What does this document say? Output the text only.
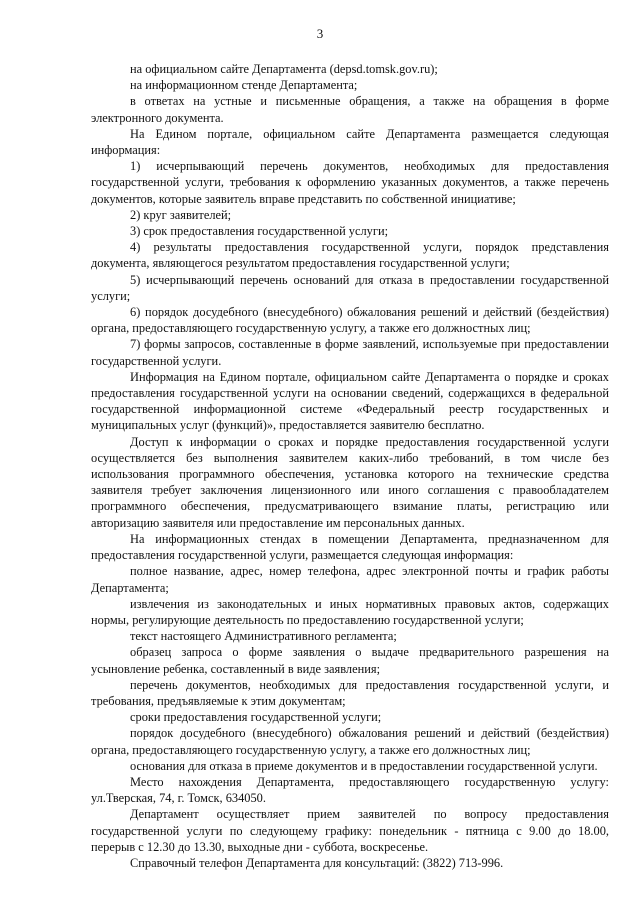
3

на официальном сайте Департамента (depsd.tomsk.gov.ru);

на информационном стенде Департамента;

в ответах на устные и письменные обращения, а также на обращения в форме электронного документа.

На Едином портале, официальном сайте Департамента размещается следующая информация:

1) исчерпывающий перечень документов, необходимых для предоставления государственной услуги, требования к оформлению указанных документов, а также перечень документов, которые заявитель вправе представить по собственной инициативе;

2) круг заявителей;

3) срок предоставления государственной услуги;

4) результаты предоставления государственной услуги, порядок представления документа, являющегося результатом предоставления государственной услуги;

5) исчерпывающий перечень оснований для отказа в предоставлении государственной услуги;

6) порядок досудебного (внесудебного) обжалования решений и действий (бездействия) органа, предоставляющего государственную услугу, а также его должностных лиц;

7) формы запросов, составленные в форме заявлений, используемые при предоставлении государственной услуги.

Информация на Едином портале, официальном сайте Департамента о порядке и сроках предоставления государственной услуги на основании сведений, содержащихся в федеральной государственной информационной системе «Федеральный реестр государственных и муниципальных услуг (функций)», предоставляется заявителю бесплатно.

Доступ к информации о сроках и порядке предоставления государственной услуги осуществляется без выполнения заявителем каких-либо требований, в том числе без использования программного обеспечения, установка которого на технические средства заявителя требует заключения лицензионного или иного соглашения с правообладателем программного обеспечения, предусматривающего взимание платы, регистрацию или авторизацию заявителя или предоставление им персональных данных.

На информационных стендах в помещении Департамента, предназначенном для предоставления государственной услуги, размещается следующая информация:

полное название, адрес, номер телефона, адрес электронной почты и график работы Департамента;

извлечения из законодательных и иных нормативных правовых актов, содержащих нормы, регулирующие деятельность по предоставлению государственной услуги;

текст настоящего Административного регламента;

образец запроса о форме заявления о выдаче предварительного разрешения на усыновление ребенка, составленный в виде заявления;

перечень документов, необходимых для предоставления государственной услуги, и требования, предъявляемые к этим документам;

сроки предоставления государственной услуги;

порядок досудебного (внесудебного) обжалования решений и действий (бездействия) органа, предоставляющего государственную услугу, а также его должностных лиц;

основания для отказа в приеме документов и в предоставлении государственной услуги.

Место нахождения Департамента, предоставляющего государственную услугу: ул.Тверская, 74, г. Томск, 634050.

Департамент осуществляет прием заявителей по вопросу предоставления государственной услуги по следующему графику: понедельник - пятница с 9.00 до 18.00, перерыв с 12.30 до 13.30, выходные дни - суббота, воскресенье.

Справочный телефон Департамента для консультаций: (3822) 713-996.
